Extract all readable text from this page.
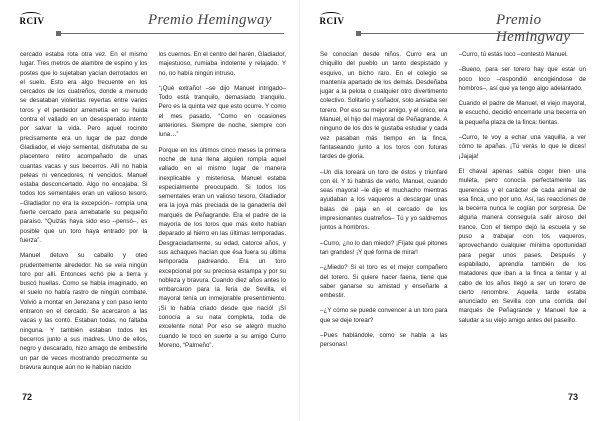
RCIV	Premio Hemingway

cercado estaba rota otra vez. En el mismo lugar. Tres metros de alambre de espino y los postes que lo sujetaban yacían derrotados en el suelo. Esto era algo frecuente en los cercados de los cuatreños, donde a menudo se desataban violentas reyertas entre varios toros y el perdedor arremetía en su huida contra el vallado en un desesperado intento por salvar la vida. Pero aquel rocinito precisamente era un lugar de paz donde Gladiador, el viejo semental, disfrutaba de su placentero retiro acompañado de unas cuantas vacas y sus becerros. Allí no había peleas ni vencedores, ni vencidos. Manuel estaba desconcertado. Algo no encajaba. Si todos los sementales eran un valioso tesoro, –Gladiador no era la excepción– rompía una fuerte cercado para arrebatarle su pequeño paraíso. “Quizás haya sido eso –pensó–, es posible que un toro haya entrado por la fuerza”.

Manuel detuvo su caballo y oteó prudentemente alrededor. No se veía ningún toro por allí. Entonces echó pie a tierra y buscó huellas. Como se había imaginado, en el suelo no había rastro de ningún combate. Volvió a montar en Jerezana y con paso lento entraron en el cercado. Se acercaron a las vacas y las contó. Estaban todas, no faltaba ninguna. Y también estaban todos los becerros junto a sus madres. Uno de ellos, negro y descarado, hizo amago de embestirle un par de veces mostrando precozmente su bravura aunque aún no le habían nacido

los cuernos. En el centro del harén, Gladiador, majestuoso, rumiaba indolente y relajado. Y no, no había ningún intruso.

“¡Qué extraño! –se dijo Manuel intrigado– Todo está tranquilo, demasiado tranquilo. Pero es la quinta vez que esto ocurre. Y como el mes pasado, “Como en ocasiones anteriores. Siempre de noche, siempre con luna…”

Porque en los últimos cinco meses la primera noche de luna llena alguien rompía aquel vallado en el mismo lugar de manera inexplicable y misteriosa. Manuel estaba especialmente preocupado. Si todos los sementales eran un valioso tesoro, Gladiador era la joya más preciada de la ganadería del marqués de Peñagrande. Era el padre de la mayoría de los toros que más éxito habían deparado al hierro en las últimas temporadas. Desgraciadamente, su edad, catorce años, y sus achaques hacían que ésa fuera su última temporada padreando. Era un toro excepcional por su preciosa estampa y por su nobleza y bravura. Cuando diez años antes lo embarcaron para la feria de Sevilla, el mayoral tenía un inmejorable presentimiento. ¡Si lo había criado desde que nació! ¡Sí conocía a su nata completa, toda de excelente nota! Por eso se alegró mucho cuando le tocó en suerte a su amigo Curro Moreno, “Palmeño”.

72
RCIV	Premio Hemingway

Se conocían desde niños. Curro era un chiquillo del pueblo un tanto despistado y esquivo, un bicho raro. En el colegio se mantenía apartado de los demás. Desdeñaba jugar a la pelota o cualquier otro divertimento colectivo. Solitario y soñador, solo ansiaba ser torero. Por eso su mejor amigo, y el único, era Manuel, el hijo del mayoral de Peñagrande. A ninguno de los dos le gustaba estudiar y cada vez pasaban más tiempo en la finca, fantaseando junto a los toros con futuras tardes de gloria.

–Un día toreará un toro de éstos y triunfaré con él. Y tú habrás de verlo, Manuel, cuando seas mayoral –le dijo el muchacho mientras ayudaban a los vaqueros a descargar unas balas de paja en el cercado de los impresionantes cuatreños– Tú y yo saldremos juntos a hombros.

–Curro, ¿no lo dan miedo? ¡Fíjate qué pitones tan grandes! ¡Y qué forma de mirar!

–¿Miedo? Si el toro es el mejor compañero del torero. Si quiere hacer faena, tiene que saber ganarse su amistad y enseñarle a embestir.

–¿Y cómo se puede convencer a un toro para que se deje torear?

–Pues hablándole, como se habla a las personas!

–Curro, tú estás loco –contestó Manuel.

–Bueno, para ser torero hay que estar un poco loco –respondió encogiéndose de hombros–, así que ya tengo algo adelantado.

Cuando el padre de Manuel, el viejo mayoral, le escuchó, decidió encerrarle una becerra en la pequeña plaza de la finca: tientas.

–Curro, te voy a echar una vaquilla, a ver cómo te apañas. ¡Tú verás lo que le dices! ¡Jajaja!

El chaval apenas sabía coger bien una muleta, pero conocía perfectamente las querencias y el carácter de cada animal de esa finca, uno por uno. Así, las reacciones de la becerra nunca le cogían por sorpresa. De alguna manera conseguía salir airoso del trance. Con el tiempo dejó la escuela y se puso a trabajar con los vaqueros, aprovechando cualquier mínima oportunidad para pegar unos pases. Después y espabilado, aprendía también de los matadores que iban a la finca a tentar y al cabo de los años llegó a ser un torero de cierto renombre. Aquella tarde estaba anunciado en Sevilla con una corrida del marqués de Peñagrande y Manuel fue a saludar a su viejo amigo antes del paseíllo.

73
